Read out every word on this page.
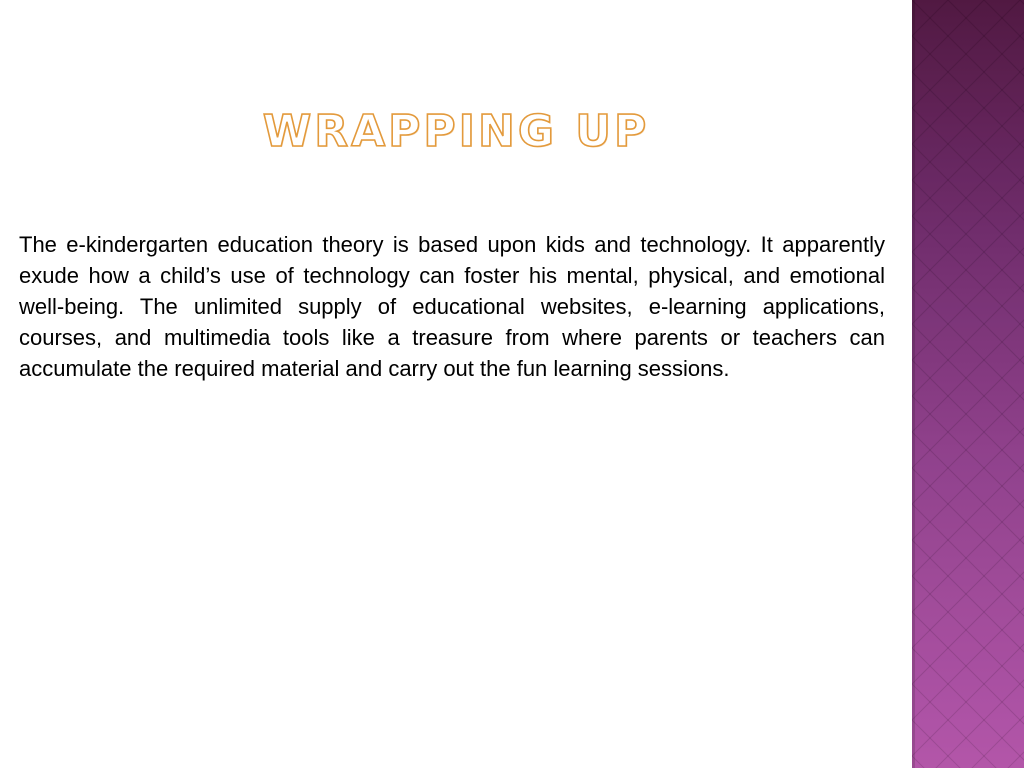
WRAPPING UP

The e-kindergarten education theory is based upon kids and technology. It apparently exude how a child’s use of technology can foster his mental, physical, and emotional well-being. The unlimited supply of educational websites, e-learning applications, courses, and multimedia tools like a treasure from where parents or teachers can accumulate the required material and carry out the fun learning sessions.
